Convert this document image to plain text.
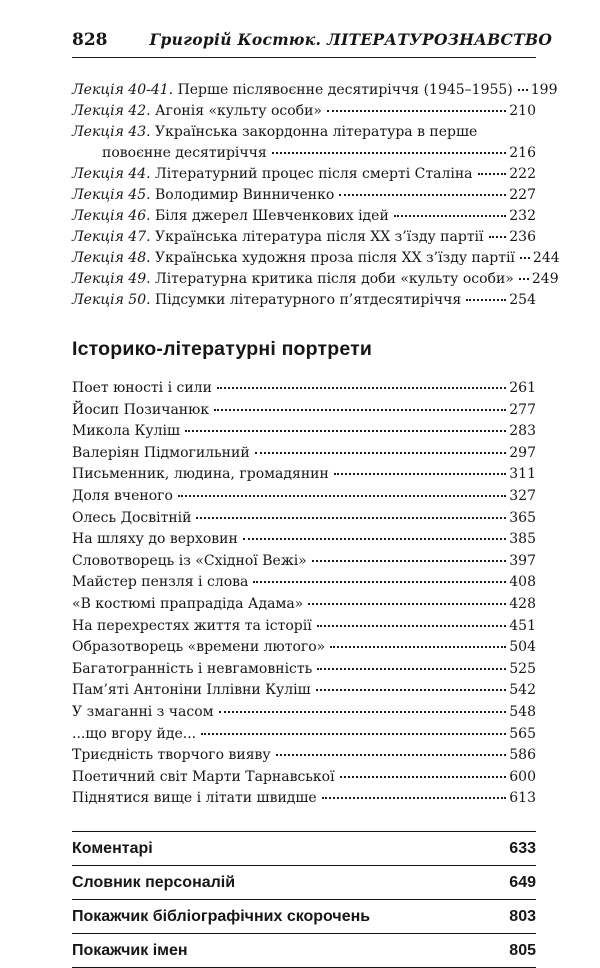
828	Григорій Костюк. ЛІТЕРАТУРОЗНАВСТВО
Лекція 40-41. Перше післявоєнне десятиріччя (1945–1955) 199
Лекція 42. Агонія «культу особи»	210
Лекція 43. Українська закордонна література в перше
повоєнне десятиріччя	216
Лекція 44. Літературний процес після смерті Сталіна	222
Лекція 45. Володимир Винниченко	227
Лекція 46. Біля джерел Шевченкових ідей	232
Лекція 47. Українська література після XX з’їзду партії 236
Лекція 48. Українська художня проза після XX з’їзду партії 244
Лекція 49. Літературна критика після доби «культу особи» 249
Лекція 50. Підсумки літературного п’ятдесятиріччя	254
Історико-літературні портрети
Поет юності і сили	261
Йосип Позичанюк	277
Микола Куліш	283
Валеріян Підмогильний	297
Письменник, людина, громадянин	311
Доля вченого	327
Олесь Досвітній	365
На шляху до верховин	385
Словотворець із «Східної Вежі»	397
Майстер пензля і слова	408
«В костюмі прапрадіда Адама»	428
На перехрестях життя та історії	451
Образотворець «времени лютого»	504
Багатогранність і невгамовність	525
Пам’яті Антоніни Іллівни Куліш	542
У змаганні з часом	548
...що вгору йде...	565
Триєдність творчого вияву	586
Поетичний світ Марти Тарнавської	600
Піднятися вище і літати швидше	613
Коментарі	633
Словник персоналій	649
Покажчик бібліографічних скорочень	803
Покажчик імен	805
